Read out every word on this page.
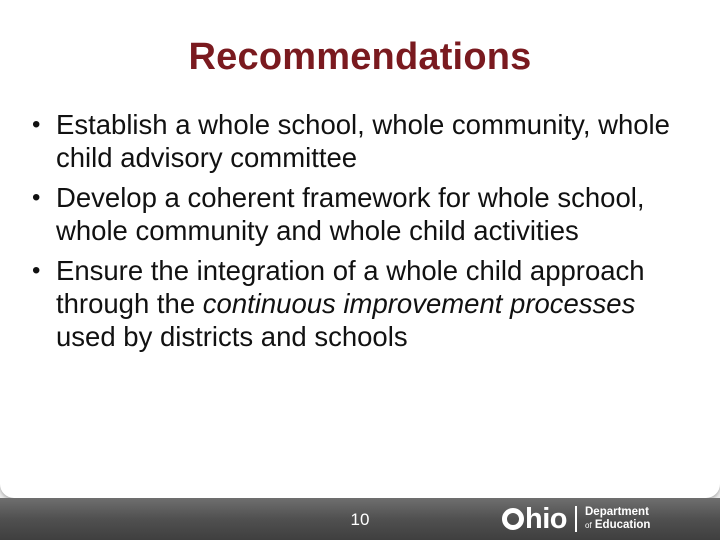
Recommendations
• Establish a whole school, whole community, whole child advisory committee
• Develop a coherent framework for whole school, whole community and whole child activities
• Ensure the integration of a whole child approach through the continuous improvement processes used by districts and schools
10	hio Department
of Education
